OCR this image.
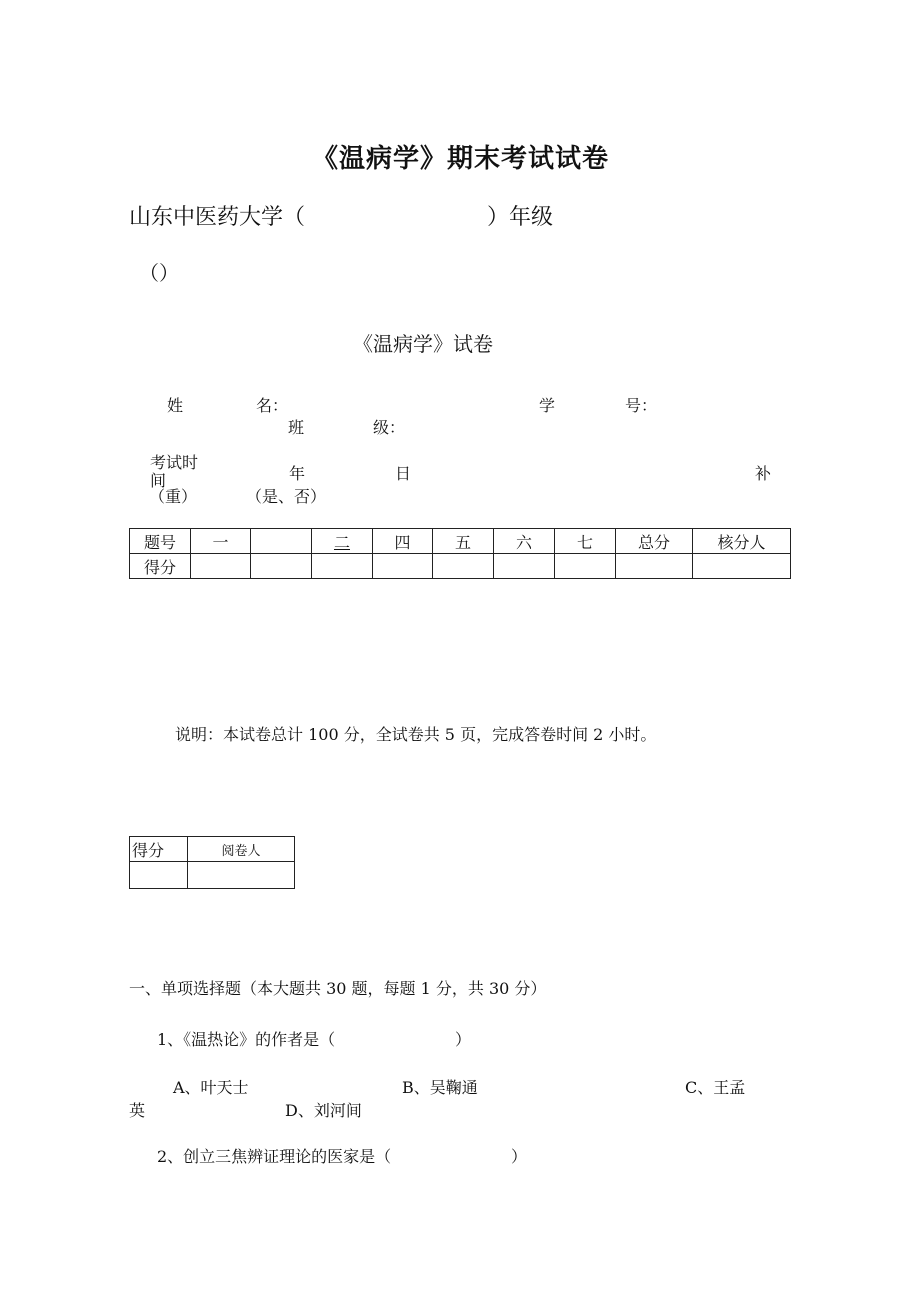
《温病学》期末考试试卷
山东中医药大学（	）年级
（）
《温病学》试卷
姓	名：	学	号：
班	级：
考试时
间	年	日	补
（重）	（是、否）
题号	一		二	四	五	六	七	总分	核分人
得分									
说明：本试卷总计 100 分，全试卷共 5 页，完成答卷时间 2 小时。
得分	阅卷人

一、单项选择题（本大题共 30 题，每题 1 分，共 30 分）
1、《温热论》的作者是（	）
A、叶天士	B、吴鞠通	C、王孟
英	D、刘河间
2、创立三焦辨证理论的医家是（	）
